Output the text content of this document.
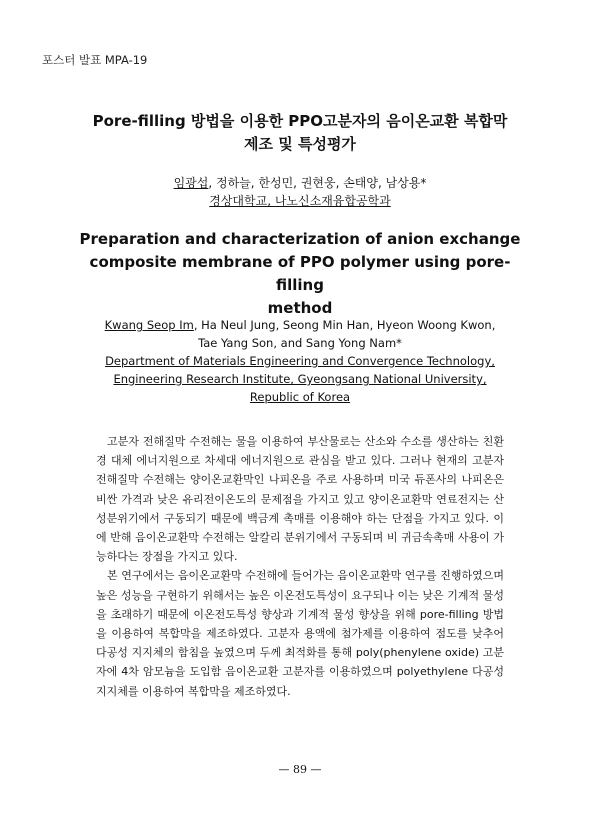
포스터 발표 MPA-19
Pore-filling 방법을 이용한 PPO고분자의 음이온교환 복합막
제조 및 특성평가
임광섭, 정하늘, 한성민, 권현웅, 손태양, 남상용*
경상대학교, 나노신소재융합공학과
Preparation and characterization of anion exchange
composite membrane of PPO polymer using pore-filling
method
Kwang Seop Im, Ha Neul Jung, Seong Min Han, Hyeon Woong Kwon,
Tae Yang Son, and Sang Yong Nam*
Department of Materials Engineering and Convergence Technology,
Engineering Research Institute, Gyeongsang National University,
Republic of Korea

고분자 전해질막 수전해는 물을 이용하여 부산물로는 산소와 수소를 생산하는 친환경 대체 에너지원으로 차세대 에너지원으로 관심을 받고 있다. 그러나 현재의 고분자 전해질막 수전해는 양이온교환막인 나피온을 주로 사용하며 미국 듀폰사의 나피온은 비싼 가격과 낮은 유리전이온도의 문제점을 가지고 있고 양이온교환막 연료전지는 산성분위기에서 구동되기 때문에 백금계 촉매를 이용해야 하는 단점을 가지고 있다. 이에 반해 음이온교환막 수전해는 알칼리 분위기에서 구동되며 비 귀금속촉매 사용이 가능하다는 장점을 가지고 있다.

본 연구에서는 음이온교환막 수전해에 들어가는 음이온교환막 연구를 진행하였으며 높은 성능을 구현하기 위해서는 높은 이온전도특성이 요구되나 이는 낮은 기계적 물성을 초래하기 때문에 이온전도특성 향상과 기계적 물성 향상을 위해 pore-filling 방법을 이용하여 복합막을 제조하였다. 고분자 용액에 첨가제를 이용하여 점도를 낮추어 다공성 지지체의 함침을 높였으며 두께 최적화를 통해 poly(phenylene oxide) 고분자에 4차 암모늄을 도입함 음이온교환 고분자를 이용하였으며 polyethylene 다공성 지지체를 이용하여 복합막을 제조하였다.

— 89 —
